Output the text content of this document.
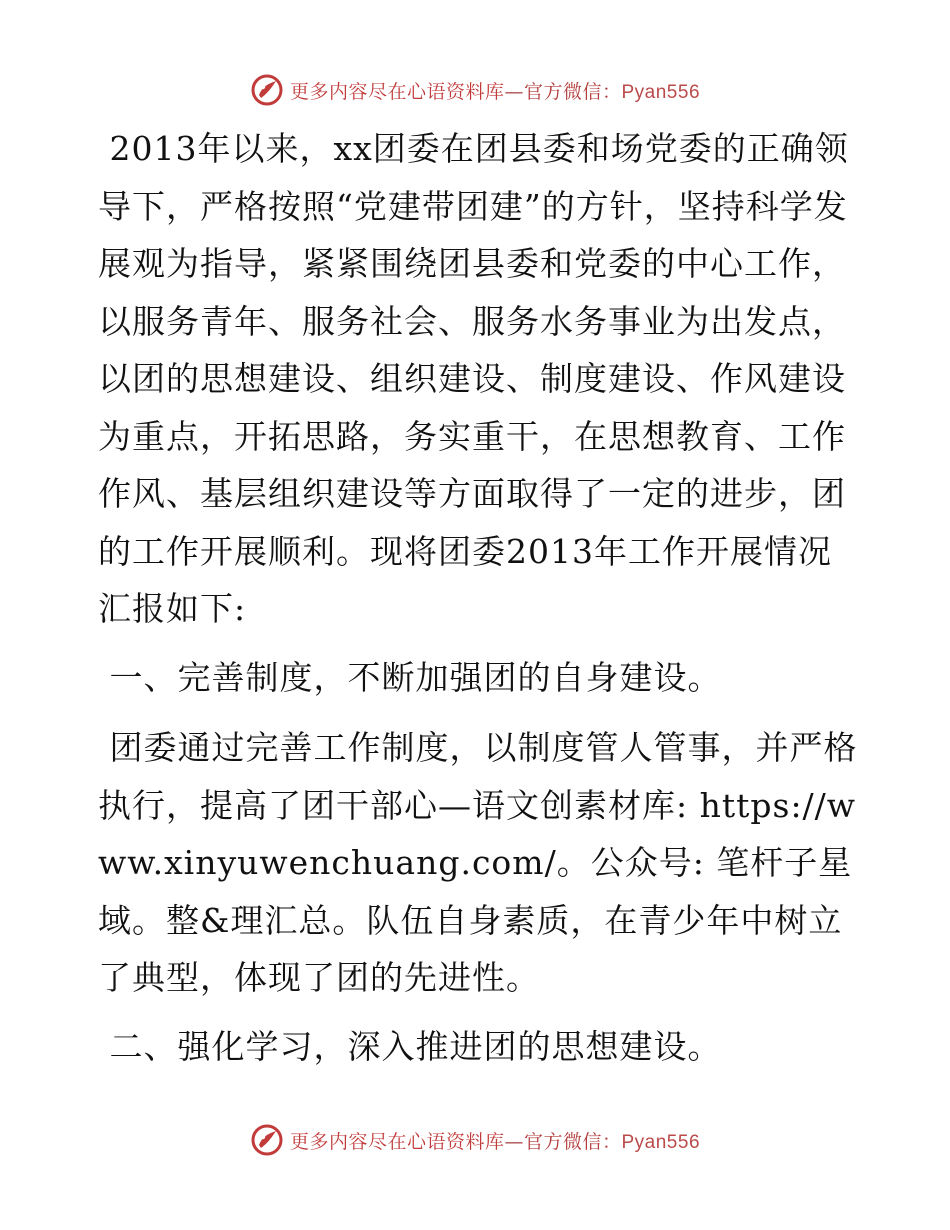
更多内容尽在心语资料库—官方微信：Pyan556

2013年以来，xx团委在团县委和场党委的正确领导下，严格按照“党建带团建”的方针，坚持科学发展观为指导，紧紧围绕团县委和党委的中心工作，以服务青年、服务社会、服务水务事业为出发点，以团的思想建设、组织建设、制度建设、作风建设为重点，开拓思路，务实重干，在思想教育、工作作风、基层组织建设等方面取得了一定的进步，团的工作开展顺利。现将团委2013年工作开展情况汇报如下:

一、完善制度，不断加强团的自身建设。

团委通过完善工作制度，以制度管人管事，并严格执行，提高了团干部心—语文创素材库: https://www.xinyuwenchuang.com/。公众号: 笔杆子星域。整&理汇总。队伍自身素质，在青少年中树立了典型，体现了团的先进性。

二、强化学习，深入推进团的思想建设。

更多内容尽在心语资料库—官方微信：Pyan556
